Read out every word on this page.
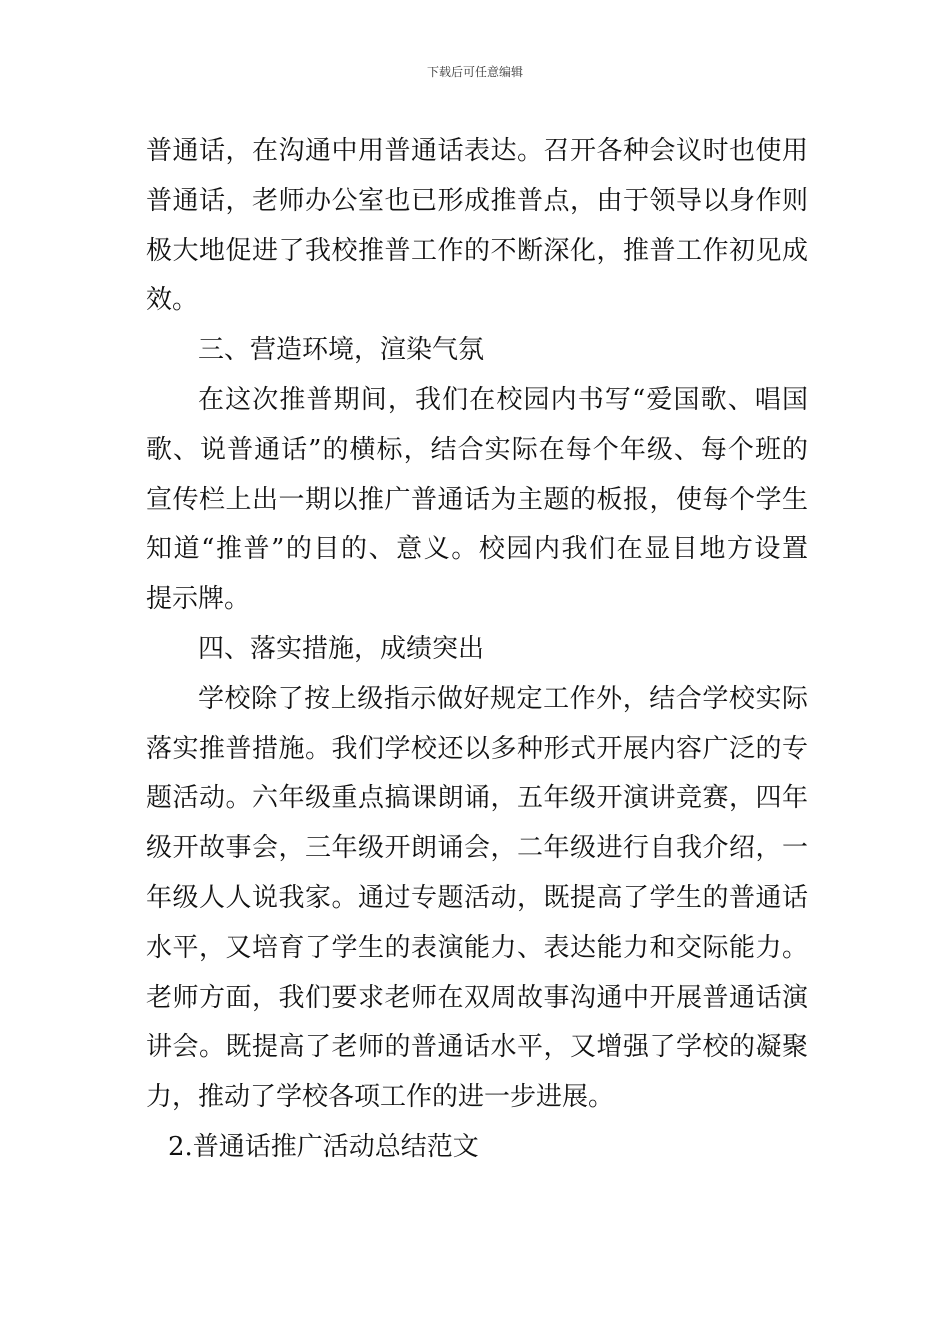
下载后可任意编辑
普通话，在沟通中用普通话表达。召开各种会议时也使用
普通话，老师办公室也已形成推普点，由于领导以身作则
极大地促进了我校推普工作的不断深化，推普工作初见成
效。
三、营造环境，渲染气氛
在这次推普期间，我们在校园内书写“爱国歌、唱国
歌、说普通话”的横标，结合实际在每个年级、每个班的
宣传栏上出一期以推广普通话为主题的板报，使每个学生
知道“推普”的目的、意义。校园内我们在显目地方设置
提示牌。
四、落实措施，成绩突出
学校除了按上级指示做好规定工作外，结合学校实际
落实推普措施。我们学校还以多种形式开展内容广泛的专
题活动。六年级重点搞课朗诵，五年级开演讲竞赛，四年
级开故事会，三年级开朗诵会，二年级进行自我介绍，一
年级人人说我家。通过专题活动，既提高了学生的普通话
水平，又培育了学生的表演能力、表达能力和交际能力。
老师方面，我们要求老师在双周故事沟通中开展普通话演
讲会。既提高了老师的普通话水平，又增强了学校的凝聚
力，推动了学校各项工作的进一步进展。
2.普通话推广活动总结范文
